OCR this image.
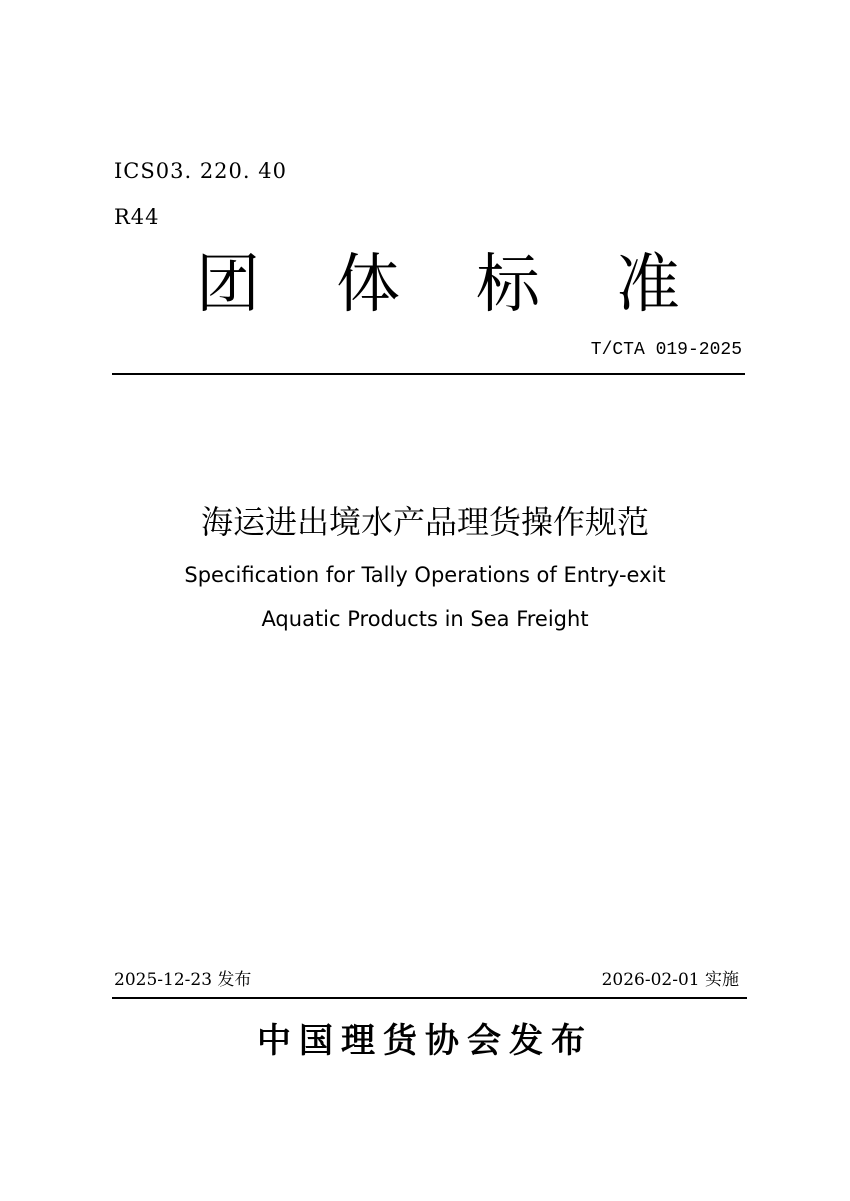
ICS03. 220. 40
R44
团 体 标 准
T/CTA 019-2025
海运进出境水产品理货操作规范
Specification for Tally Operations of Entry-exit
Aquatic Products in Sea Freight
2025-12-23 发布	2026-02-01 实施
中国理货协会发布
